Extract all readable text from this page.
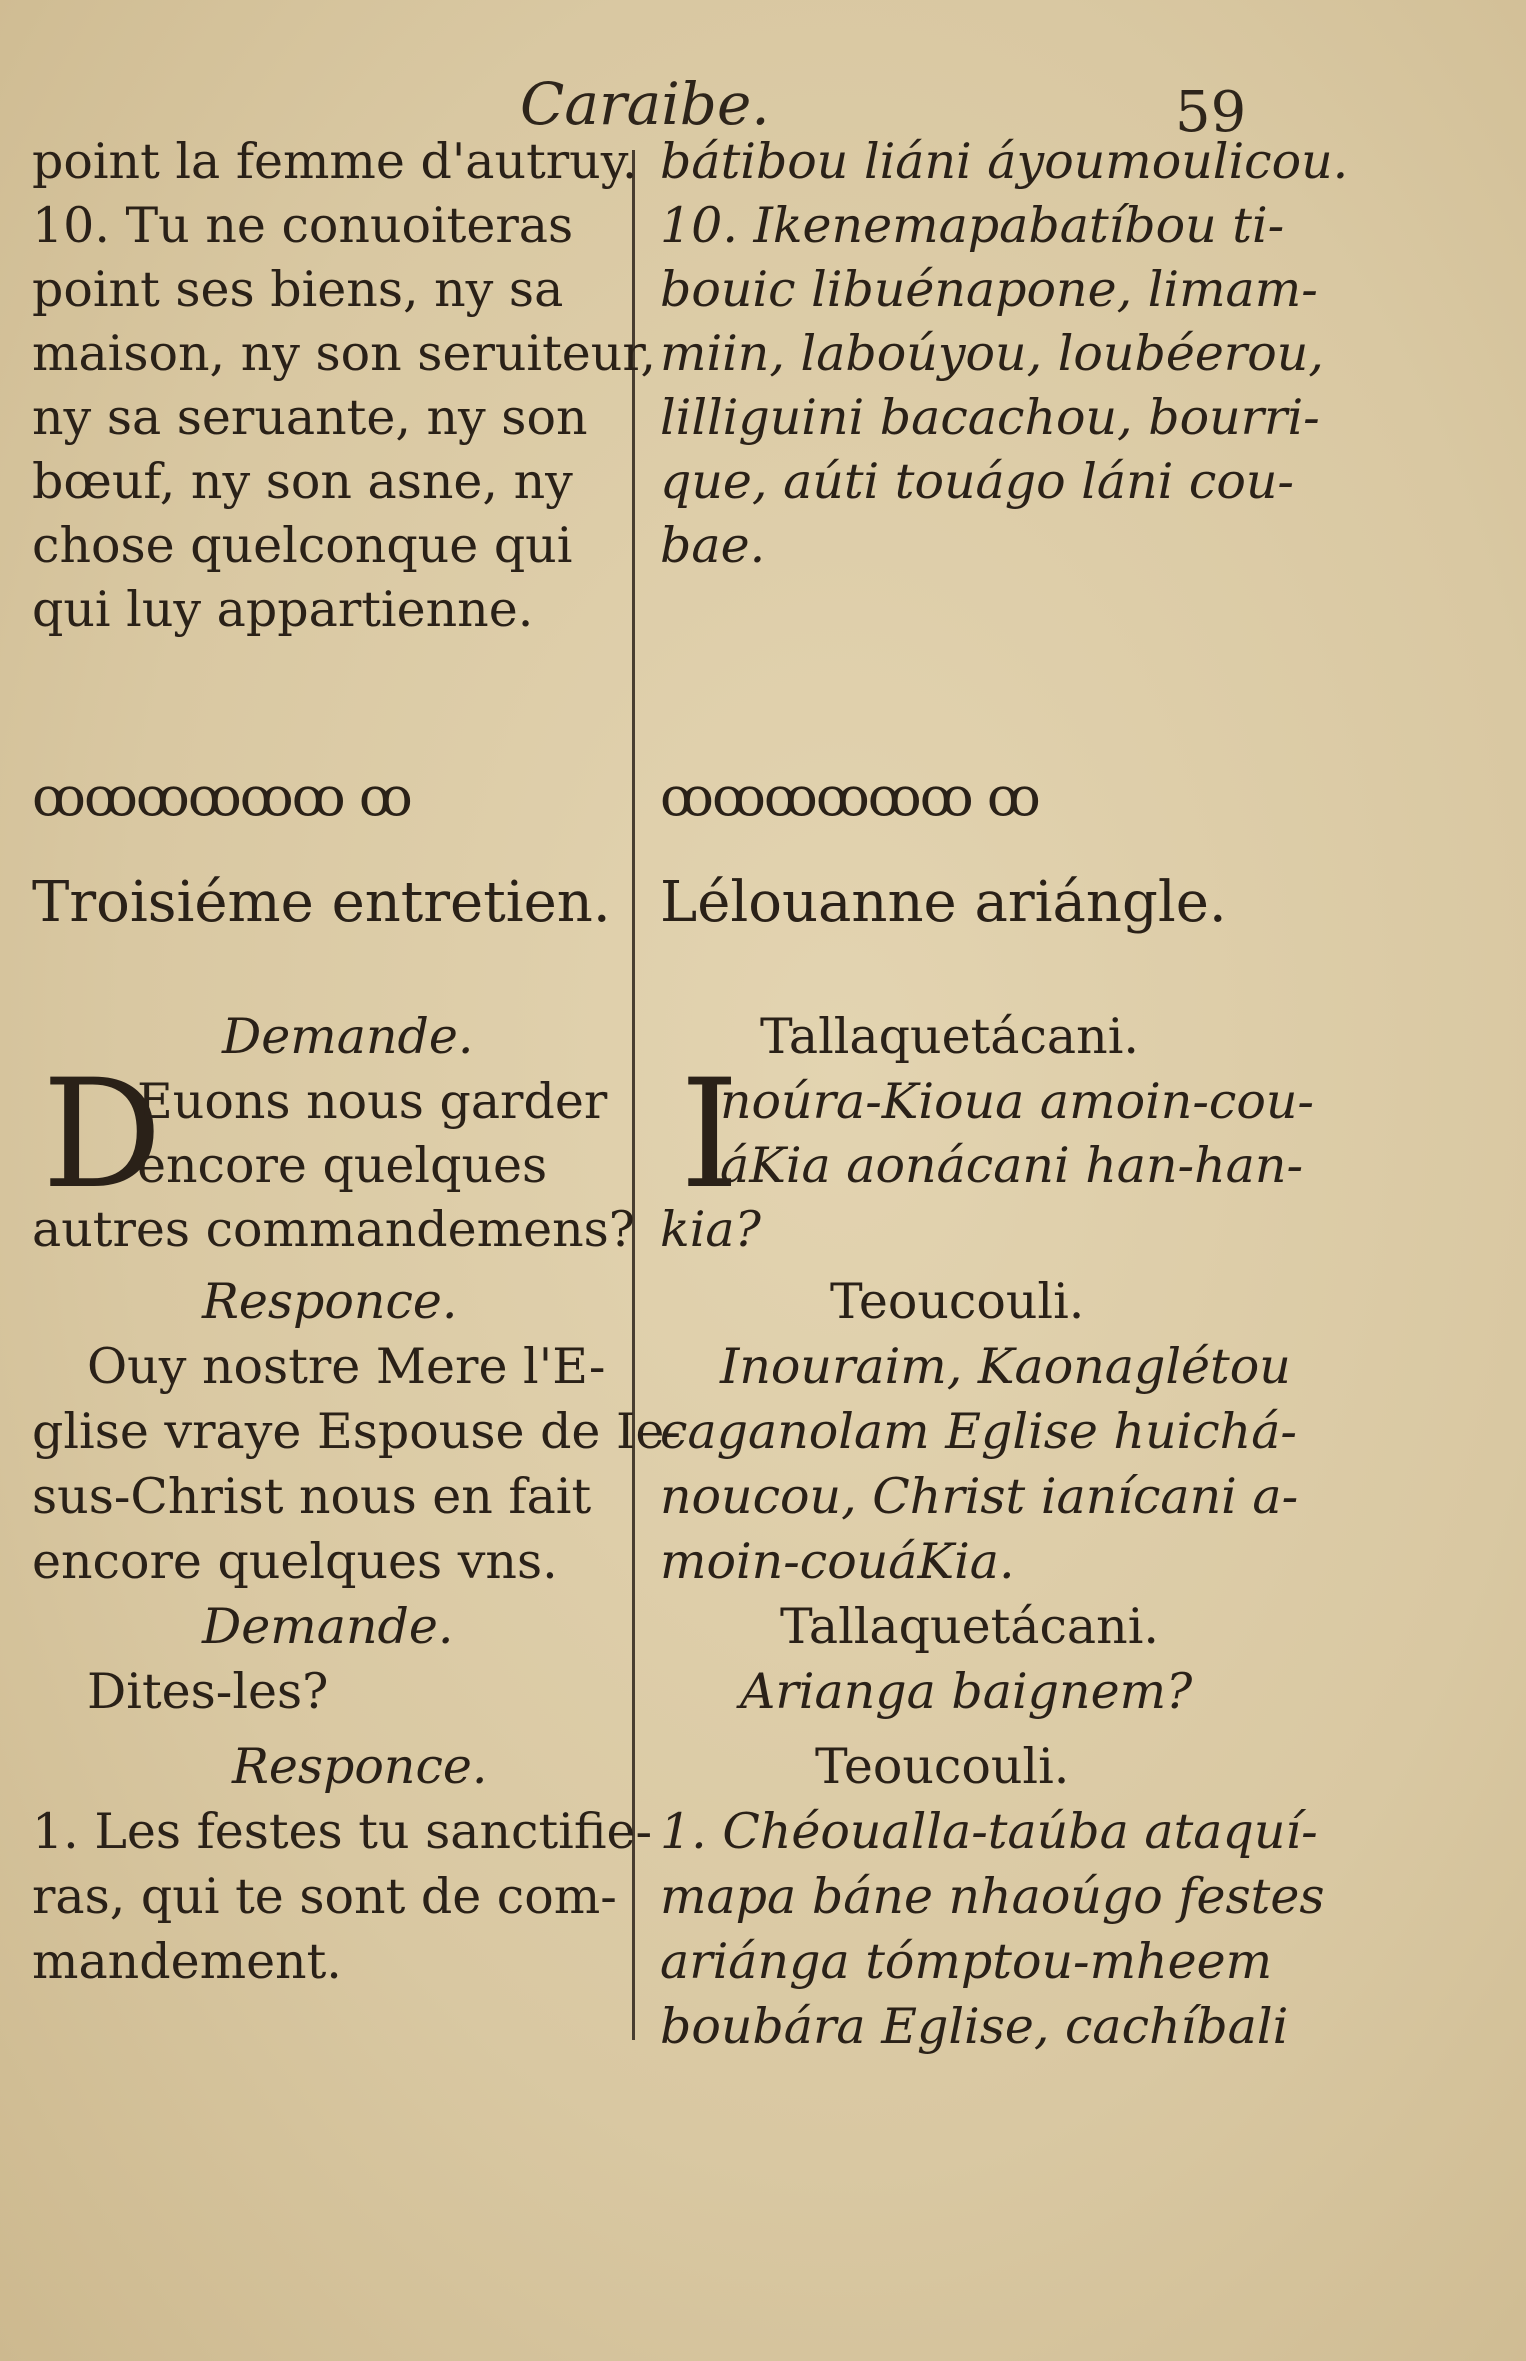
Caraibe.	59
point la femme d'autruy.
10. Tu ne conuoiteras
point ses biens, ny sa
maison, ny son seruiteur,
ny sa seruante, ny son
bœuf, ny son asne, ny
chose quelconque qui
qui luy appartienne.
ꝏꝏꝏꝏꝏꝏ ꝏ
Troisiéme entretien.
Demande.
D
Euons nous garder
encore quelques
autres commandemens?
Responce.
Ouy nostre Mere l'E-
glise vraye Espouse de Ie-
sus-Christ nous en fait
encore quelques vns.
Demande.
Dites-les?
Responce.
1. Les festes tu sanctifie-
ras, qui te sont de com-
mandement.
bátibou liáni áyoumoulicou.
10. Ikenemapabatíbou ti-
bouic libuénapone, limam-
miin, laboúyou, loubéerou,
lilliguini bacachou, bourri-
que, aúti touágo láni cou-
bae.
ꝏꝏꝏꝏꝏꝏ ꝏ
Lélouanne ariángle.
Tallaquetácani.
I
noúra-Kioua amoin-cou-
áKia aonácani han-han-
kia?
Teoucouli.
Inouraim, Kaonaglétou
caganolam Eglise huichá-
noucou, Christ ianícani a-
moin-couáKia.
Tallaquetácani.
Arianga baignem?
Teoucouli.
1. Chéoualla-taúba ataquí-
mapa báne nhaoúgo festes
ariánga tómptou-mheem
boubára Eglise, cachíbali
